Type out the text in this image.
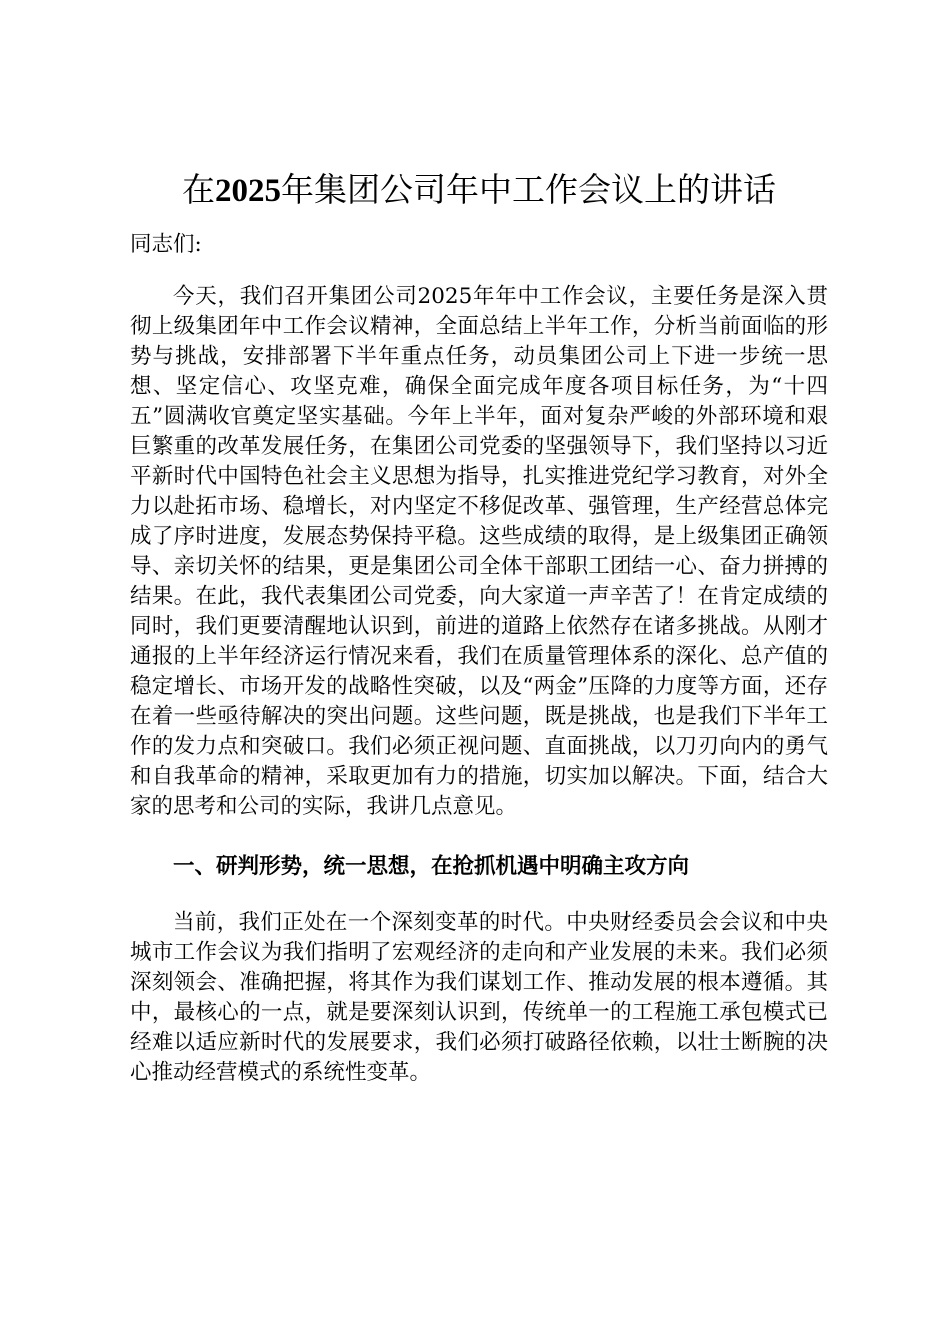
在2025年集团公司年中工作会议上的讲话

同志们:

今天，我们召开集团公司2025年年中工作会议，主要任务是深入贯彻上级集团年中工作会议精神，全面总结上半年工作，分析当前面临的形势与挑战，安排部署下半年重点任务，动员集团公司上下进一步统一思想、坚定信心、攻坚克难，确保全面完成年度各项目标任务，为“十四五”圆满收官奠定坚实基础。今年上半年，面对复杂严峻的外部环境和艰巨繁重的改革发展任务，在集团公司党委的坚强领导下，我们坚持以习近平新时代中国特色社会主义思想为指导，扎实推进党纪学习教育，对外全力以赴拓市场、稳增长，对内坚定不移促改革、强管理，生产经营总体完成了序时进度，发展态势保持平稳。这些成绩的取得，是上级集团正确领导、亲切关怀的结果，更是集团公司全体干部职工团结一心、奋力拼搏的结果。在此，我代表集团公司党委，向大家道一声辛苦了！在肯定成绩的同时，我们更要清醒地认识到，前进的道路上依然存在诸多挑战。从刚才通报的上半年经济运行情况来看，我们在质量管理体系的深化、总产值的稳定增长、市场开发的战略性突破，以及“两金”压降的力度等方面，还存在着一些亟待解决的突出问题。这些问题，既是挑战，也是我们下半年工作的发力点和突破口。我们必须正视问题、直面挑战，以刀刃向内的勇气和自我革命的精神，采取更加有力的措施，切实加以解决。下面，结合大家的思考和公司的实际，我讲几点意见。

一、研判形势，统一思想，在抢抓机遇中明确主攻方向

当前，我们正处在一个深刻变革的时代。中央财经委员会会议和中央城市工作会议为我们指明了宏观经济的走向和产业发展的未来。我们必须深刻领会、准确把握，将其作为我们谋划工作、推动发展的根本遵循。其中，最核心的一点，就是要深刻认识到，传统单一的工程施工承包模式已经难以适应新时代的发展要求，我们必须打破路径依赖，以壮士断腕的决心推动经营模式的系统性变革。
